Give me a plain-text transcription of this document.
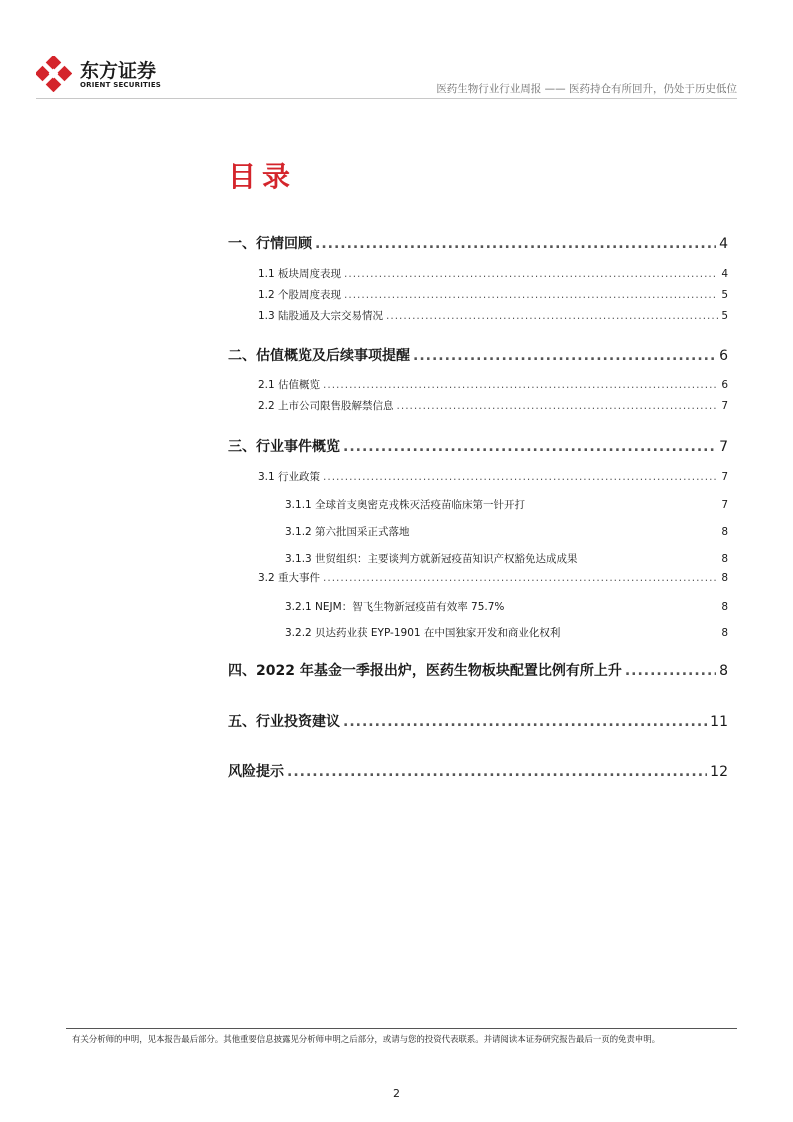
东方证券
ORIENT SECURITIES	医药生物行业行业周报 —— 医药持仓有所回升，仍处于历史低位
目录
一、行情回顾 .....	4
1.1 板块周度表现 .....	4
1.2 个股周度表现 .....	5
1.3 陆股通及大宗交易情况 .....	5
二、估值概览及后续事项提醒 .....	6
2.1 估值概览 .....	6
2.2 上市公司限售股解禁信息 .....	7
三、行业事件概览 .....	7
3.1 行业政策 .....	7
3.1.1 全球首支奥密克戎株灭活疫苗临床第一针开打	7
3.1.2 第六批国采正式落地	8
3.1.3 世贸组织：主要谈判方就新冠疫苗知识产权豁免达成成果	8
3.2 重大事件 .....	8
3.2.1 NEJM：智飞生物新冠疫苗有效率 75.7%	8
3.2.2 贝达药业获 EYP-1901 在中国独家开发和商业化权利	8
四、2022 年基金一季报出炉，医药生物板块配置比例有所上升 .....	8
五、行业投资建议 .....	11
风险提示 .....	12
有关分析师的申明，见本报告最后部分。其他重要信息披露见分析师申明之后部分，或请与您的投资代表联系。并请阅读本证券研究报告最后一页的免责申明。
2
